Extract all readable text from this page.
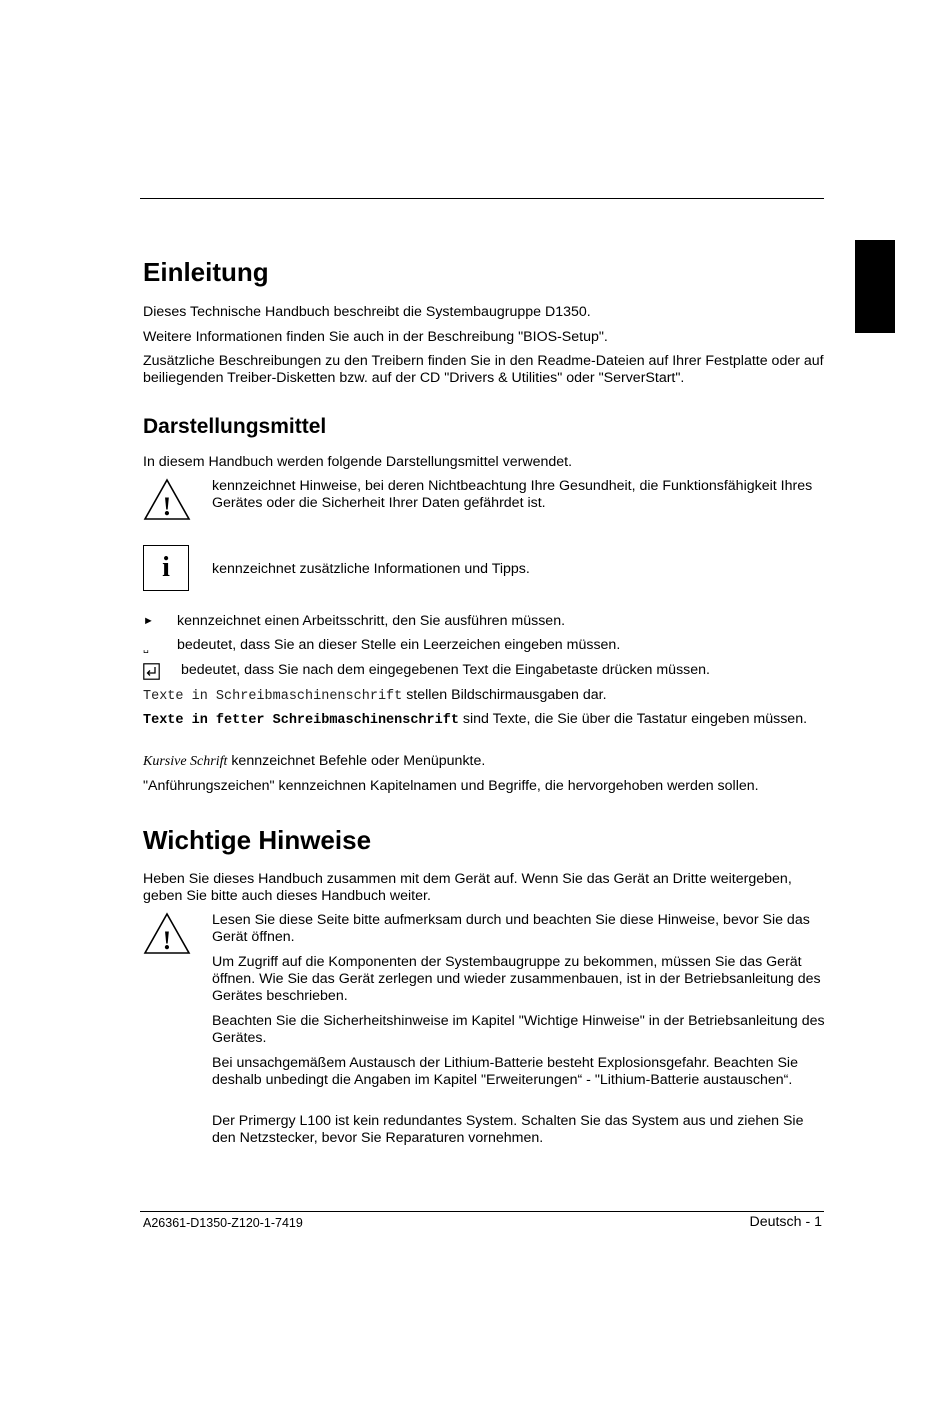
Einleitung

Dieses Technische Handbuch beschreibt die Systembaugruppe D1350.

Weitere Informationen finden Sie auch in der Beschreibung "BIOS-Setup".

Zusätzliche Beschreibungen zu den Treibern finden Sie in den Readme-Dateien auf Ihrer Festplatte oder auf beiliegenden Treiber-Disketten bzw. auf der CD "Drivers & Utilities" oder "ServerStart".

Darstellungsmittel

In diesem Handbuch werden folgende Darstellungsmittel verwendet.

!

kennzeichnet Hinweise, bei deren Nichtbeachtung Ihre Gesundheit, die Funktionsfähigkeit Ihres Gerätes oder die Sicherheit Ihrer Daten gefährdet ist.

i	kennzeichnet zusätzliche Informationen und Tipps.

►	kennzeichnet einen Arbeitsschritt, den Sie ausführen müssen.

␣	bedeutet, dass Sie an dieser Stelle ein Leerzeichen eingeben müssen.

bedeutet, dass Sie nach dem eingegebenen Text die Eingabetaste drücken müssen.

Texte in Schreibmaschinenschrift stellen Bildschirmausgaben dar.

Texte in fetter Schreibmaschinenschrift sind Texte, die Sie über die Tastatur eingeben müssen.

Kursive Schrift kennzeichnet Befehle oder Menüpunkte.

"Anführungszeichen" kennzeichnen Kapitelnamen und Begriffe, die hervorgehoben werden sollen.

Wichtige Hinweise

Heben Sie dieses Handbuch zusammen mit dem Gerät auf. Wenn Sie das Gerät an Dritte weitergeben, geben Sie bitte auch dieses Handbuch weiter.

!

Lesen Sie diese Seite bitte aufmerksam durch und beachten Sie diese Hinweise, bevor Sie das Gerät öffnen.

Um Zugriff auf die Komponenten der Systembaugruppe zu bekommen, müssen Sie das Gerät öffnen. Wie Sie das Gerät zerlegen und wieder zusammenbauen, ist in der Betriebsanleitung des Gerätes beschrieben.

Beachten Sie die Sicherheitshinweise im Kapitel "Wichtige Hinweise" in der Betriebsanleitung des Gerätes.

Bei unsachgemäßem Austausch der Lithium-Batterie besteht Explosionsgefahr. Beachten Sie deshalb unbedingt die Angaben im Kapitel "Erweiterungen“ - "Lithium-Batterie austauschen“.

Der Primergy L100 ist kein redundantes System. Schalten Sie das System aus und ziehen Sie den Netzstecker, bevor Sie Reparaturen vornehmen.

A26361-D1350-Z120-1-7419	Deutsch - 1
